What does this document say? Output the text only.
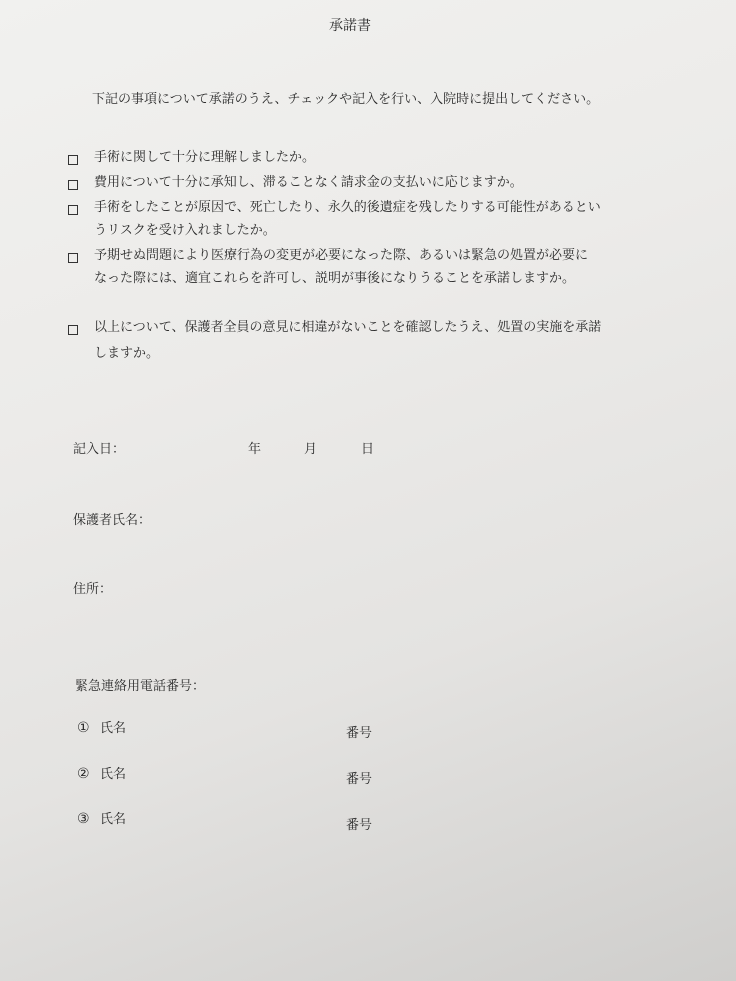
承諾書
下記の事項について承諾のうえ、チェックや記入を行い、入院時に提出してください。
手術に関して十分に理解しましたか。
費用について十分に承知し、滞ることなく請求金の支払いに応じますか。
手術をしたことが原因で、死亡したり、永久的後遺症を残したりする可能性があるとい
うリスクを受け入れましたか。
予期せぬ問題により医療行為の変更が必要になった際、あるいは緊急の処置が必要に
なった際には、適宜これらを許可し、説明が事後になりうることを承諾しますか。
以上について、保護者全員の意見に相違がないことを確認したうえ、処置の実施を承諾
しますか。
記入日：	年	月	日
保護者氏名：
住所：
緊急連絡用電話番号：
① 氏名	番号
② 氏名	番号
③ 氏名	番号
